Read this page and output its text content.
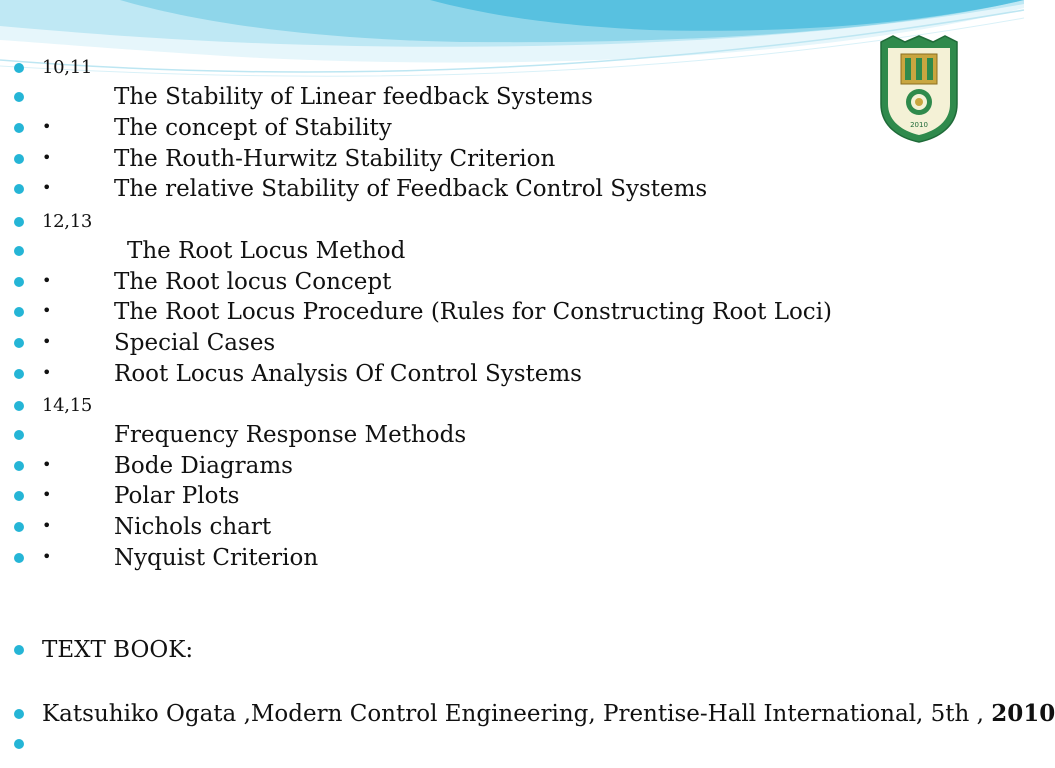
2010
10,11
The Stability of Linear feedback Systems
•	The concept of Stability
•	The Routh-Hurwitz Stability Criterion
•	The relative Stability of Feedback Control Systems
12,13
The Root Locus Method
•	The Root locus Concept
•	The Root Locus Procedure (Rules for Constructing Root Loci)
•	Special Cases
•	Root Locus Analysis Of Control Systems
14,15
Frequency Response Methods
•	Bode Diagrams
•	Polar Plots
•	Nichols chart
•	Nyquist Criterion
TEXT BOOK:
Katsuhiko Ogata ,Modern Control Engineering, Prentise-Hall International, 5th , 2010
